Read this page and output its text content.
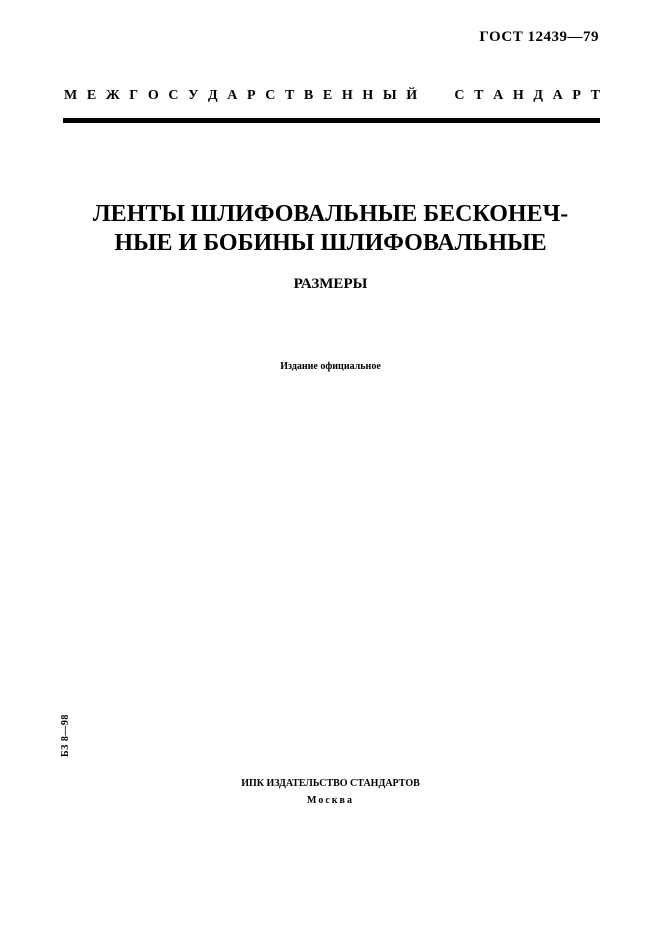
ГОСТ 12439—79
М Е Ж Г О С У Д А Р С Т В Е Н Н Ы Й	С Т А Н Д А Р Т
ЛЕНТЫ ШЛИФОВАЛЬНЫЕ БЕСКОНЕЧ-
НЫЕ И БОБИНЫ ШЛИФОВАЛЬНЫЕ
РАЗМЕРЫ
Издание официальное
БЗ 8—98
ИПК ИЗДАТЕЛЬСТВО СТАНДАРТОВ
Москва
